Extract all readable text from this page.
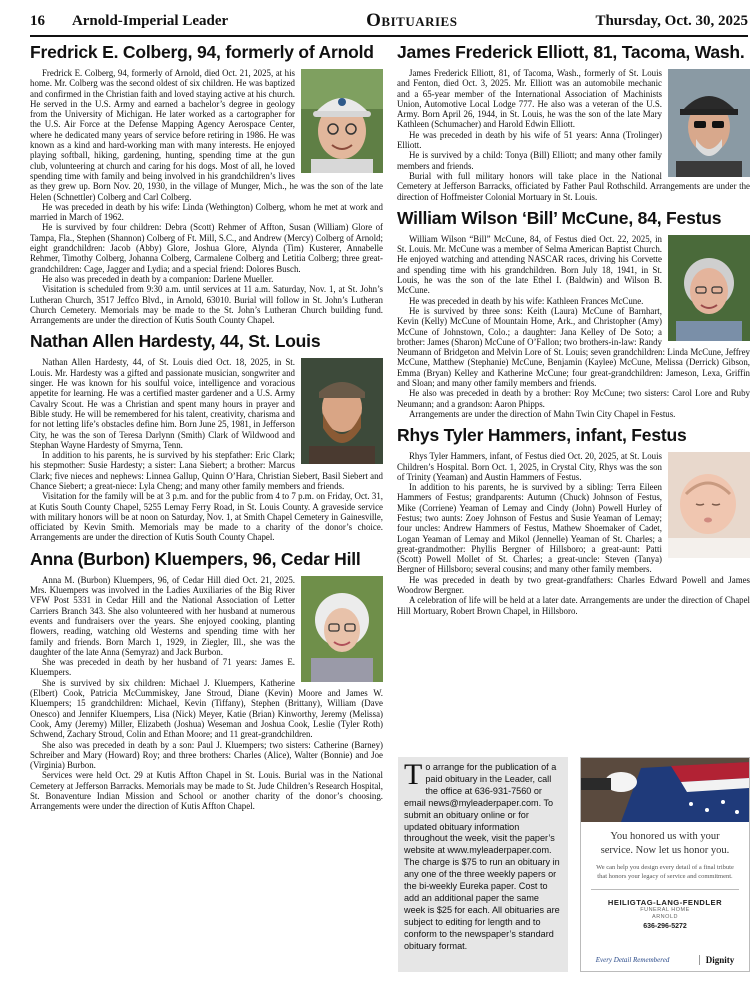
16 Arnold-Imperial Leader	Obituaries	Thursday, Oct. 30, 2025
Fredrick E. Colberg, 94, formerly of Arnold

Fredrick E. Colberg, 94, formerly of Arnold, died Oct. 21, 2025, at his home. Mr. Colberg was the second oldest of six children. He was baptized and confirmed in the Christian faith and loved staying active at his church. He served in the U.S. Army and earned a bachelor’s degree in geology from the University of Michigan. He later worked as a cartographer for the U.S. Air Force at the Defense Mapping Agency Aerospace Center, where he dedicated many years of service before retiring in 1986. He was known as a kind and hard-working man with many interests. He enjoyed playing softball, hiking, gardening, hunting, spending time at the gun club, volunteering at church and caring for his dogs. Most of all, he loved spending time with family and being involved in his grandchildren’s lives as they grew up. Born Nov. 20, 1930, in the village of Munger, Mich., he was the son of the late Helen (Schnettler) Colberg and Carl Colberg.

He was preceded in death by his wife: Linda (Wethington) Colberg, whom he met at work and married in March of 1962.

He is survived by four children: Debra (Scott) Rehmer of Affton, Susan (William) Glore of Tampa, Fla., Stephen (Shannon) Colberg of Ft. Mill, S.C., and Andrew (Mercy) Colberg of Arnold; eight grandchildren: Jacob (Abby) Glore, Joshua Glore, Alynda (Tim) Kusterer, Annabelle Rehmer, Timothy Colberg, Johanna Colberg, Carmalene Colberg and Letitia Colberg; three great-grandchildren: Cage, Jagger and Lydia; and a special friend: Dolores Busch.

He also was preceded in death by a companion: Darlene Mueller.

Visitation is scheduled from 9:30 a.m. until services at 11 a.m. Saturday, Nov. 1, at St. John’s Lutheran Church, 3517 Jeffco Blvd., in Arnold, 63010. Burial will follow in St. John’s Lutheran Church Cemetery. Memorials may be made to the St. John’s Lutheran Church building fund. Arrangements are under the direction of Kutis South County Chapel.

Nathan Allen Hardesty, 44, St. Louis

Nathan Allen Hardesty, 44, of St. Louis died Oct. 18, 2025, in St. Louis. Mr. Hardesty was a gifted and passionate musician, songwriter and singer. He was known for his soulful voice, intelligence and voracious appetite for learning. He was a certified master gardener and a U.S. Army Cavalry Scout. He was a Christian and spent many hours in prayer and Bible study. He will be remembered for his talent, creativity, charisma and for not letting life’s obstacles define him. Born June 25, 1981, in Jefferson City, he was the son of Teresa Darlynn (Smith) Clark of Wildwood and Stephan Wayne Hardesty of Smyrna, Tenn.

In addition to his parents, he is survived by his stepfather: Eric Clark; his stepmother: Susie Hardesty; a sister: Lana Siebert; a brother: Marcus Clark; five nieces and nephews: Linnea Gallup, Quinn O’Hara, Christian Siebert, Basil Siebert and Chance Siebert; a great-niece: Lyla Cheng; and many other family members and friends.

Visitation for the family will be at 3 p.m. and for the public from 4 to 7 p.m. on Friday, Oct. 31, at Kutis South County Chapel, 5255 Lemay Ferry Road, in St. Louis County. A graveside service with military honors will be at noon on Saturday, Nov. 1, at Smith Chapel Cemetery in Gainesville, officiated by Kevin Smith. Memorials may be made to a charity of the donor’s choice. Arrangements are under the direction of Kutis South County Chapel.

Anna (Burbon) Kluempers, 96, Cedar Hill

Anna M. (Burbon) Kluempers, 96, of Cedar Hill died Oct. 21, 2025. Mrs. Kluempers was involved in the Ladies Auxiliaries of the Big River VFW Post 5331 in Cedar Hill and the National Association of Letter Carriers Branch 343. She also volunteered with her husband at numerous events and fundraisers over the years. She enjoyed cooking, planting flowers, reading, watching old Westerns and spending time with her family and friends. Born March 1, 1929, in Ziegler, Ill., she was the daughter of the late Anna (Semyraz) and Jack Burbon.

She was preceded in death by her husband of 71 years: James E. Kluempers.

She is survived by six children: Michael J. Kluempers, Katherine (Elbert) Cook, Patricia McCummiskey, Jane Stroud, Diane (Kevin) Moore and James W. Kluempers; 15 grandchildren: Michael, Kevin (Tiffany), Stephen (Brittany), William (Dave Onesco) and Jennifer Kluempers, Lisa (Nick) Meyer, Katie (Brian) Kinworthy, Jeremy (Melissa) Cook, Amy (Jeremy) Miller, Elizabeth (Joshua) Weseman and Joshua Cook, Leslie (Tyler Roth) Schwend, Zachary Stroud, Colin and Ethan Moore; and 11 great-grandchildren.

She also was preceded in death by a son: Paul J. Kluempers; two sisters: Catherine (Barney) Schreiber and Mary (Howard) Roy; and three brothers: Charles (Alice), Walter (Bonnie) and Joe (Virginia) Burbon.

Services were held Oct. 29 at Kutis Affton Chapel in St. Louis. Burial was in the National Cemetery at Jefferson Barracks. Memorials may be made to St. Jude Children’s Research Hospital, St. Bonaventure Indian Mission and School or another charity of the donor’s choosing. Arrangements were under the direction of Kutis Affton Chapel.

James Frederick Elliott, 81, Tacoma, Wash.

James Frederick Elliott, 81, of Tacoma, Wash., formerly of St. Louis and Fenton, died Oct. 3, 2025. Mr. Elliott was an automobile mechanic and a 65-year member of the International Association of Machinists Union, Automotive Local Lodge 777. He also was a veteran of the U.S. Army. Born April 26, 1944, in St. Louis, he was the son of the late Mary Kathleen (Schumacher) and Harold Edwin Elliott.

He was preceded in death by his wife of 51 years: Anna (Trolinger) Elliott.

He is survived by a child: Tonya (Bill) Elliott; and many other family members and friends.

Burial with full military honors will take place in the National Cemetery at Jefferson Barracks, officiated by Father Paul Rothschild. Arrangements are under the direction of Hoffmeister Colonial Mortuary in St. Louis.

William Wilson ‘Bill’ McCune, 84, Festus

William Wilson “Bill” McCune, 84, of Festus died Oct. 22, 2025, in St. Louis. Mr. McCune was a member of Selma American Baptist Church. He enjoyed watching and attending NASCAR races, driving his Corvette and spending time with his grandchildren. Born July 18, 1941, in St. Louis, he was the son of the late Ethel I. (Baldwin) and Wilson B. McCune.

He was preceded in death by his wife: Kathleen Frances McCune.

He is survived by three sons: Keith (Laura) McCune of Barnhart, Kevin (Kelly) McCune of Mountain Home, Ark., and Christopher (Amy) McCune of Johnstown, Colo.; a daughter: Jana Kelley of De Soto; a brother: James (Sharon) McCune of O’Fallon; two brothers-in-law: Randy Neumann of Bridgeton and Melvin Lore of St. Louis; seven grandchildren: Linda McCune, Jeffrey McCune, Matthew (Stephanie) McCune, Benjamin (Kaylee) McCune, Melissa (Derrick) Gibson, Emma (Bryan) Kelley and Katherine McCune; four great-grandchildren: Jameson, Lexa, Griffin and Sloan; and many other family members and friends.

He also was preceded in death by a brother: Roy McCune; two sisters: Carol Lore and Ruby Neumann; and a grandson: Aaron Phipps.

Arrangements are under the direction of Mahn Twin City Chapel in Festus.

Rhys Tyler Hammers, infant, Festus

Rhys Tyler Hammers, infant, of Festus died Oct. 20, 2025, at St. Louis Children’s Hospital. Born Oct. 1, 2025, in Crystal City, Rhys was the son of Trinity (Yeaman) and Austin Hammers of Festus.

In addition to his parents, he is survived by a sibling: Terra Eileen Hammers of Festus; grandparents: Autumn (Chuck) Johnson of Festus, Mike (Corriene) Yeaman of Lemay and Cindy (John) Powell Hurley of Festus; two aunts: Zoey Johnson of Festus and Susie Yeaman of Lemay; four uncles: Andrew Hammers of Festus, Mathew Shoemaker of Cadet, Logan Yeaman of Lemay and Mikol (Jennelle) Yeaman of St. Charles; a great-grandmother: Phyllis Bergner of Hillsboro; a great-aunt: Patti (Scott) Powell Mollet of St. Charles; a great-uncle: Steven (Tanya) Bergner of Hillsboro; several cousins; and many other family members.

He was preceded in death by two great-grandfathers: Charles Edward Powell and James Woodrow Bergner.

A celebration of life will be held at a later date. Arrangements are under the direction of Chapel Hill Mortuary, Robert Brown Chapel, in Hillsboro.

To arrange for the publication of a paid obituary in the Leader, call the office at 636-931-7560 or email news@myleaderpaper.com. To submit an obituary online or for updated obituary information throughout the week, visit the paper’s website at www.myleaderpaper.com. The charge is $75 to run an obituary in any one of the three weekly papers or the bi-weekly Eureka paper. Cost to add an additional paper the same week is $25 for each. All obituaries are subject to editing for length and to conform to the newspaper’s standard obituary format.
You honored us with your
service. Now let us honor you.
We can help you design every detail of a final tribute that honors your legacy of service and commitment.
HEILIGTAG-LANG-FENDLER
FUNERAL HOME
ARNOLD
636-296-5272
Every Detail Remembered	Dignity
